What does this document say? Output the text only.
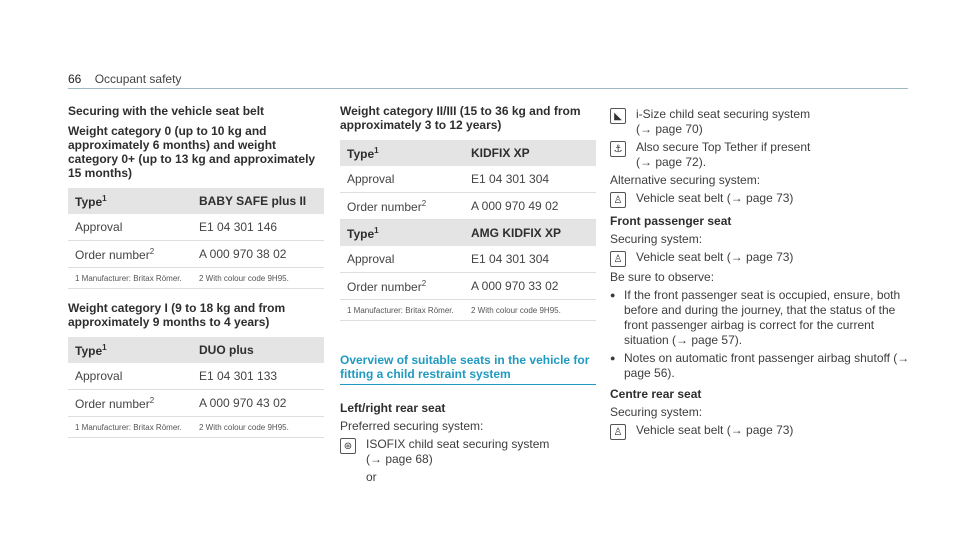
66 Occupant safety
Securing with the vehicle seat belt
Weight category 0 (up to 10 kg and approximately 6 months) and weight category 0+ (up to 13 kg and approximately 15 months)
Type$^1$	BABY SAFE plus II
Approval	E1 04 301 146
Order number$^2$	A 000 970 38 02
1 Manufacturer: Britax Römer.	2 With colour code 9H95.
Weight category I (9 to 18 kg and from approximately 9 months to 4 years)
Type$^1$	DUO plus
Approval	E1 04 301 133
Order number$^2$	A 000 970 43 02
1 Manufacturer: Britax Römer.	2 With colour code 9H95.
Weight category II/III (15 to 36 kg and from approximately 3 to 12 years)
Type$^1$	KIDFIX XP
Approval	E1 04 301 304
Order number$^2$	A 000 970 49 02
Type$^1$	AMG KIDFIX XP
Approval	E1 04 301 304
Order number$^2$	A 000 970 33 02
1 Manufacturer: Britax Römer.	2 With colour code 9H95.
Overview of suitable seats in the vehicle for fitting a child restraint system
Left/right rear seat
Preferred securing system:
⊛	ISOFIX child seat securing system
(→ page 68)
or
◣	i-Size child seat securing system
(→ page 70)
⚓ Also secure Top Tether if present
(→ page 72).
Alternative securing system:
♙ Vehicle seat belt (→ page 73)
Front passenger seat
Securing system:
♙ Vehicle seat belt (→ page 73)
Be sure to observe:
● If the front passenger seat is occupied, ensure, both before and during the journey, that the status of the front passenger airbag is correct for the current situation (→ page 57).
● Notes on automatic front passenger airbag shutoff (→ page 56).
Centre rear seat
Securing system:
♙ Vehicle seat belt (→ page 73)
